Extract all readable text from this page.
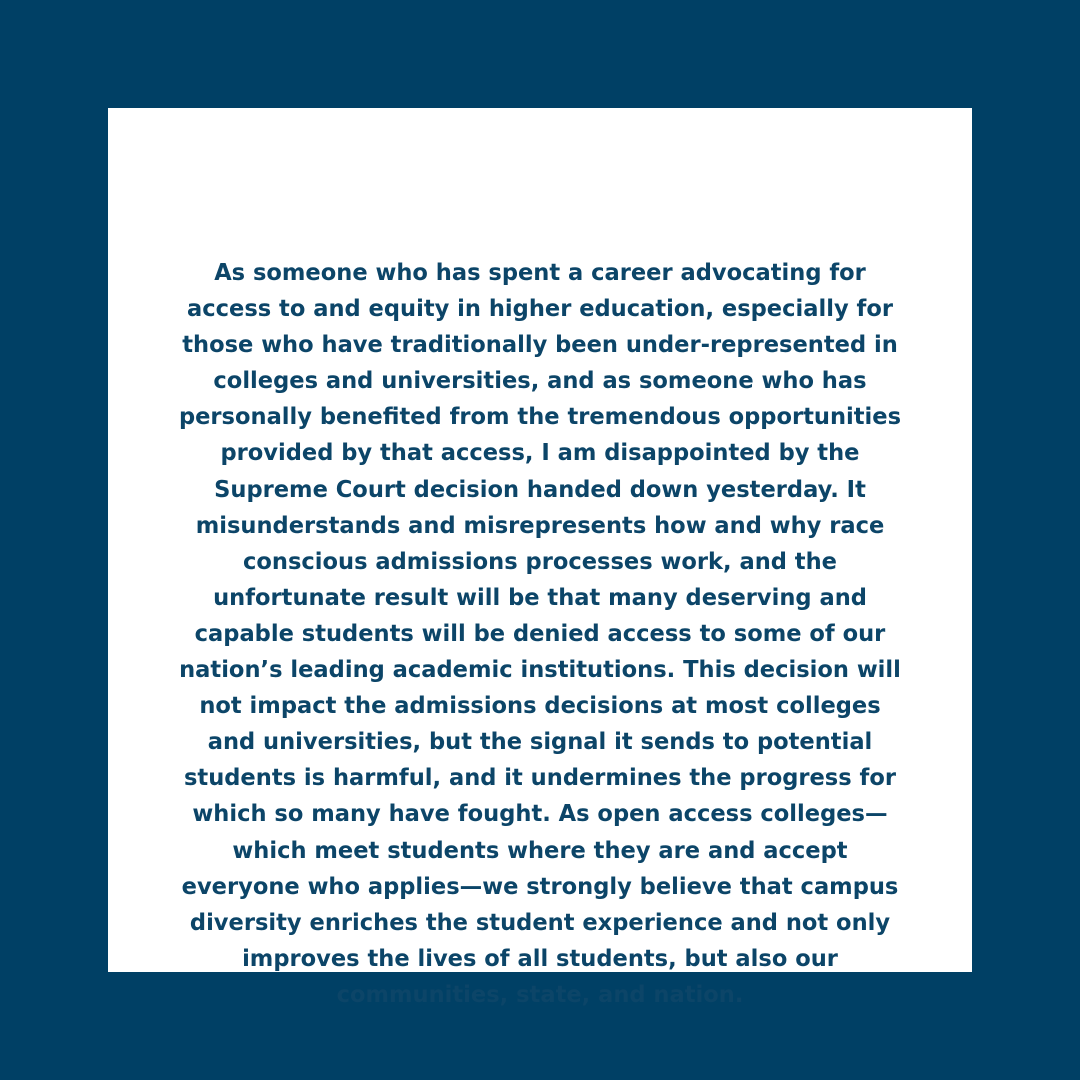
As someone who has spent a career advocating for
access to and equity in higher education, especially for
those who have traditionally been under-represented in
colleges and universities, and as someone who has
personally benefited from the tremendous opportunities
provided by that access, I am disappointed by the
Supreme Court decision handed down yesterday. It
misunderstands and misrepresents how and why race
conscious admissions processes work, and the
unfortunate result will be that many deserving and
capable students will be denied access to some of our
nation’s leading academic institutions. This decision will
not impact the admissions decisions at most colleges
and universities, but the signal it sends to potential
students is harmful, and it undermines the progress for
which so many have fought. As open access colleges—
which meet students where they are and accept
everyone who applies—we strongly believe that campus
diversity enriches the student experience and not only
improves the lives of all students, but also our
communities, state, and nation.
